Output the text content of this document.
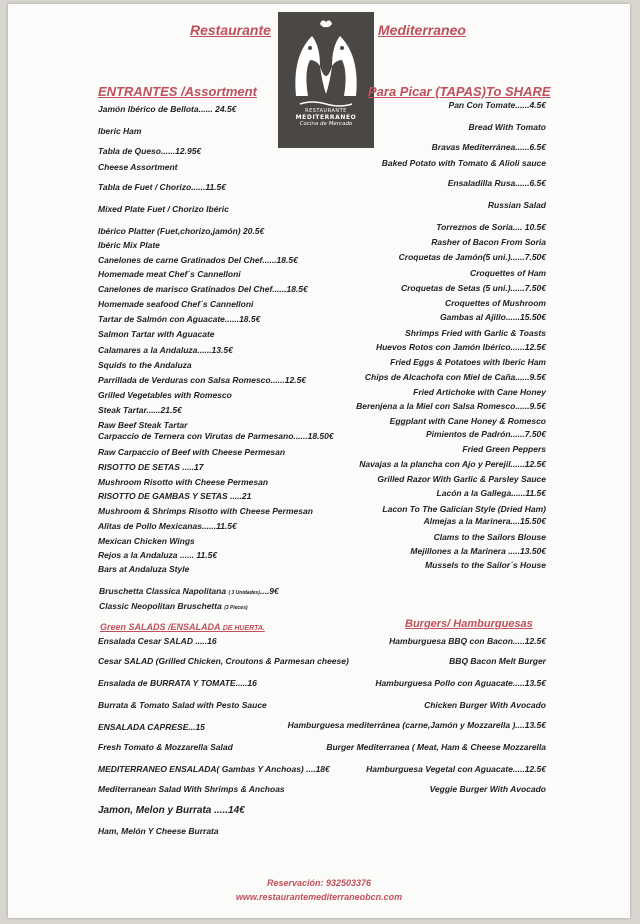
Restaurante	Mediterraneo
RESTAURANTE
MEDITERRANEO
Cocina de Mercado
ENTRANTES /Assortment	Para Picar (TAPAS)To SHARE
Jamón Ibérico de Bellota...... 24.5€
Iberic Ham
Tabla de Queso......12.95€
Cheese Assortment
Tabla de Fuet / Chorizo......11.5€
Mixed Plate Fuet / Chorizo Ibéric
Ibérico Platter (Fuet,chorizo,jamón) 20.5€
Ibéric Mix Plate
Canelones de carne Gratinados Del Chef......18.5€
Homemade meat Chef´s Cannelloni
Canelones de marisco Gratinados Del Chef......18.5€
Homemade seafood Chef´s Cannelloni
Tartar de Salmón con Aguacate......18.5€
Salmon Tartar with Aguacate
Calamares a la Andaluza......13.5€
Squids to the Andaluza
Parrillada de Verduras con Salsa Romesco......12.5€
Grilled Vegetables with Romesco
Steak Tartar......21.5€
Raw Beef Steak Tartar
Carpaccio de Ternera con Virutas de Parmesano......18.50€
Raw Carpaccio of Beef with Cheese Permesan
RISOTTO DE SETAS .....17
Mushroom Risotto with Cheese Permesan
RISOTTO DE GAMBAS Y SETAS .....21
Mushroom & Shrimps Risotto with Cheese Permesan
Alitas de Pollo Mexicanas......11.5€
Mexican Chicken Wings
Rejos a la Andaluza ...... 11.5€
Bars at Andaluza Style
Pan Con Tomate......4.5€
Bread With Tomato
Bravas Mediterránea......6.5€
Baked Potato with Tomato & Alioli sauce
Ensaladilla Rusa......6.5€
Russian Salad
Torreznos de Soria.... 10.5€
Rasher of Bacon From Soria
Croquetas de Jamón(5 uni.)......7.50€
Croquettes of Ham
Croquetas de Setas (5 uni.)......7.50€
Croquettes of Mushroom
Gambas al Ajillo......15.50€
Shrimps Fried with Garlic & Toasts
Huevos Rotos con Jamón Ibérico......12.5€
Fried Eggs & Potatoes with Iberic Ham
Chips de Alcachofa con Miel de Caña......9.5€
Fried Artichoke with Cane Honey
Berenjena a la Miel con Salsa Romesco......9.5€
Eggplant with Cane Honey & Romesco
Pimientos de Padrón......7.50€
Fried Green Peppers
Navajas a la plancha con Ajo y Perejil......12.5€
Grilled Razor With Garlic & Parsley Sauce
Lacón a la Gallega......11.5€
Lacon To The Galician Style (Dried Ham)
Almejas a la Marinera....15.50€
Clams to the Sailors Blouse
Mejillones a la Marinera .....13.50€
Mussels to the Sailor´s House
Bruschetta Classica Napolitana ( 3 Unidades)....9€
Classic Neopolitan Bruschetta (3 Pieces)
Green SALADS /ENSALADA DE HUERTA.	Burgers/ Hamburguesas
Ensalada Cesar SALAD .....16
Cesar SALAD (Grilled Chicken, Croutons & Parmesan cheese)
Ensalada de BURRATA Y TOMATE.....16
Burrata & Tomato Salad with Pesto Sauce
ENSALADA CAPRESE...15
Fresh Tomato & Mozzarella Salad
MEDITERRANEO ENSALADA( Gambas Y Anchoas) ....18€
Mediterranean Salad With Shrimps & Anchoas
Jamon, Melon y Burrata .....14€
Ham, Melón Y Cheese Burrata
Hamburguesa BBQ con Bacon.....12.5€
BBQ Bacon Melt Burger
Hamburguesa Pollo con Aguacate.....13.5€
Chicken Burger With Avocado
Hamburguesa mediterránea (carne,Jamón y Mozzarella )....13.5€
Burger Mediterranea ( Meat, Ham & Cheese Mozzarella
Hamburguesa Vegetal con Aguacate.....12.5€
Veggie Burger With Avocado
Reservación: 932503376
www.restaurantemediterraneobcn.com
